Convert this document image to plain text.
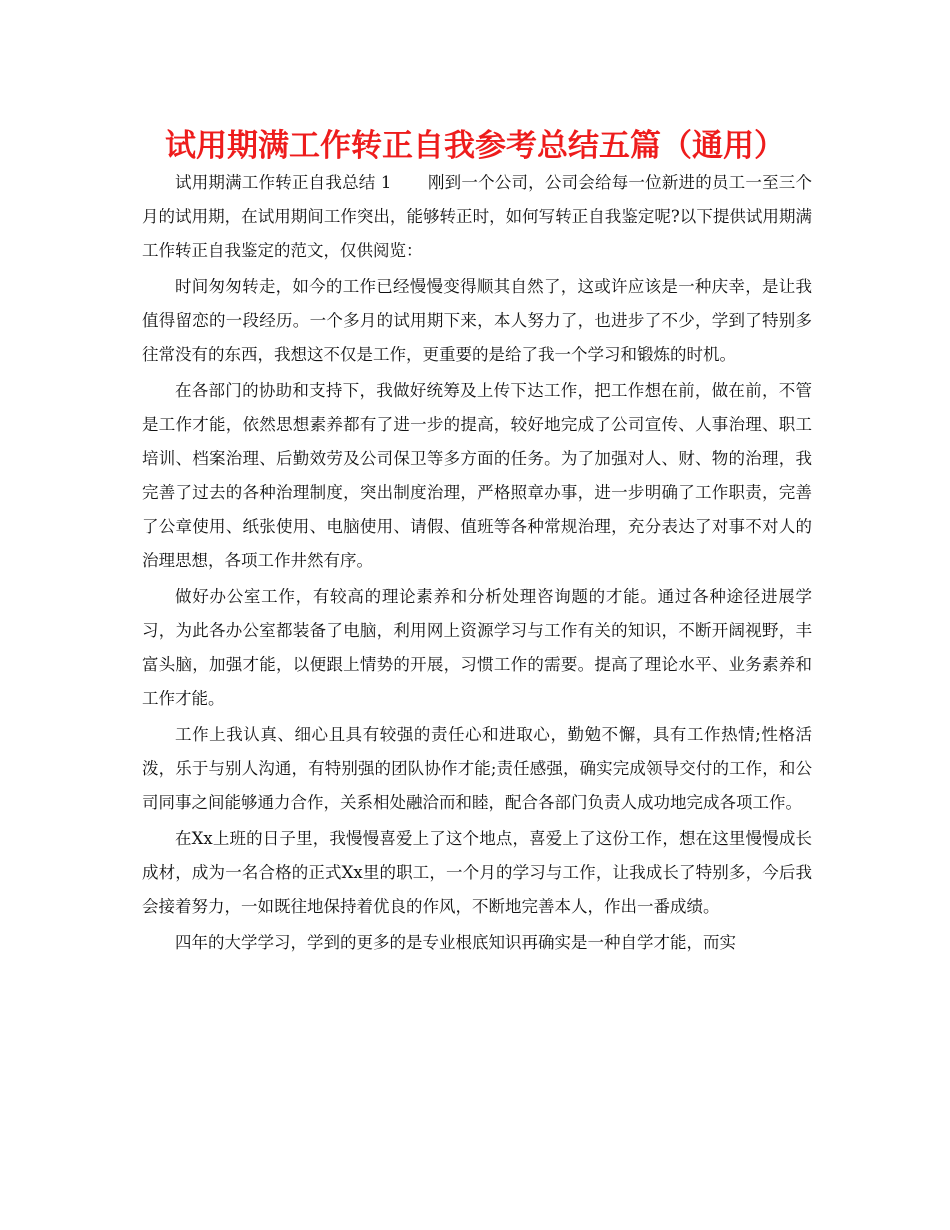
试用期满工作转正自我参考总结五篇（通用）

试用期满工作转正自我总结 1 刚到一个公司，公司会给每一位新进的员工一至三个月的试用期，在试用期间工作突出，能够转正时，如何写转正自我鉴定呢?以下提供试用期满工作转正自我鉴定的范文，仅供阅览：

时间匆匆转走，如今的工作已经慢慢变得顺其自然了，这或许应该是一种庆幸，是让我值得留恋的一段经历。一个多月的试用期下来，本人努力了，也进步了不少，学到了特别多往常没有的东西，我想这不仅是工作，更重要的是给了我一个学习和锻炼的时机。

在各部门的协助和支持下，我做好统筹及上传下达工作，把工作想在前，做在前，不管是工作才能，依然思想素养都有了进一步的提高，较好地完成了公司宣传、人事治理、职工培训、档案治理、后勤效劳及公司保卫等多方面的任务。为了加强对人、财、物的治理，我完善了过去的各种治理制度，突出制度治理，严格照章办事，进一步明确了工作职责，完善了公章使用、纸张使用、电脑使用、请假、值班等各种常规治理，充分表达了对事不对人的治理思想，各项工作井然有序。

做好办公室工作，有较高的理论素养和分析处理咨询题的才能。通过各种途径进展学习，为此各办公室都装备了电脑，利用网上资源学习与工作有关的知识，不断开阔视野，丰富头脑，加强才能，以便跟上情势的开展，习惯工作的需要。提高了理论水平、业务素养和工作才能。

工作上我认真、细心且具有较强的责任心和进取心，勤勉不懈，具有工作热情;性格活泼，乐于与别人沟通，有特别强的团队协作才能;责任感强，确实完成领导交付的工作，和公司同事之间能够通力合作，关系相处融洽而和睦，配合各部门负责人成功地完成各项工作。

在Xx上班的日子里，我慢慢喜爱上了这个地点，喜爱上了这份工作，想在这里慢慢成长成材，成为一名合格的正式Xx里的职工，一个月的学习与工作，让我成长了特别多，今后我会接着努力，一如既往地保持着优良的作风，不断地完善本人，作出一番成绩。

四年的大学学习，学到的更多的是专业根底知识再确实是一种自学才能，而实
